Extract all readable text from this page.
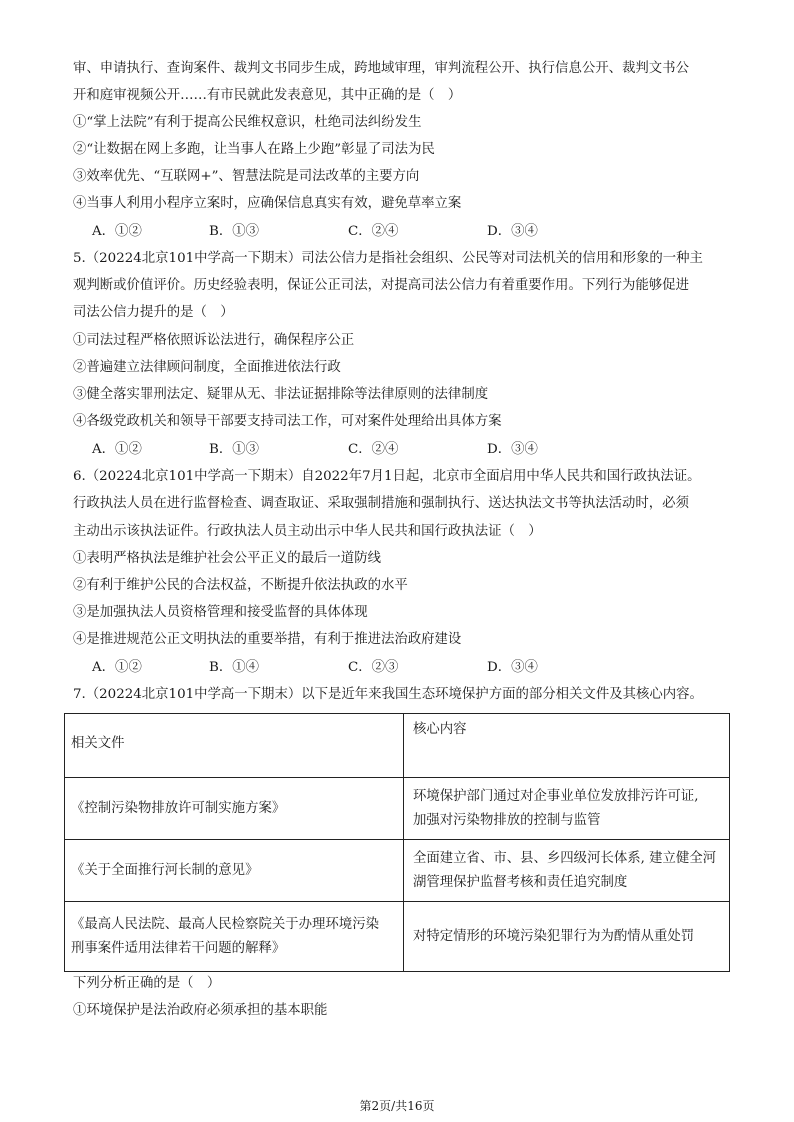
审、申请执行、查询案件、裁判文书同步生成，跨地域审理，审判流程公开、执行信息公开、裁判文书公
开和庭审视频公开……有市民就此发表意见，其中正确的是（　）
①“掌上法院”有利于提高公民维权意识，杜绝司法纠纷发生
②“让数据在网上多跑，让当事人在路上少跑”彰显了司法为民
③效率优先、“互联网+”、智慧法院是司法改革的主要方向
④当事人利用小程序立案时，应确保信息真实有效，避免草率立案
A．①②	B．①③	C．②④	D．③④
5.（20224北京101中学高一下期末）司法公信力是指社会组织、公民等对司法机关的信用和形象的一种主
观判断或价值评价。历史经验表明，保证公正司法，对提高司法公信力有着重要作用。下列行为能够促进
司法公信力提升的是（　）
①司法过程严格依照诉讼法进行，确保程序公正
②普遍建立法律顾问制度，全面推进依法行政
③健全落实罪刑法定、疑罪从无、非法证据排除等法律原则的法律制度
④各级党政机关和领导干部要支持司法工作，可对案件处理给出具体方案
A．①②	B．①③	C．②④	D．③④
6.（20224北京101中学高一下期末）自2022年7月1日起，北京市全面启用中华人民共和国行政执法证。
行政执法人员在进行监督检查、调查取证、采取强制措施和强制执行、送达执法文书等执法活动时，必须
主动出示该执法证件。行政执法人员主动出示中华人民共和国行政执法证（　）
①表明严格执法是维护社会公平正义的最后一道防线
②有利于维护公民的合法权益，不断提升依法执政的水平
③是加强执法人员资格管理和接受监督的具体体现
④是推进规范公正文明执法的重要举措，有利于推进法治政府建设
A．①②	B．①④	C．②③	D．③④
7.（20224北京101中学高一下期末）以下是近年来我国生态环境保护方面的部分相关文件及其核心内容。
相关文件	核心内容

《控制污染物排放许可制实施方案》	环境保护部门通过对企事业单位发放排污许可证,
加强对污染物排放的控制与监管

《关于全面推行河长制的意见》	全面建立省、市、县、乡四级河长体系, 建立健全河
湖管理保护监督考核和责任追究制度

《最高人民法院、最高人民检察院关于办理环境污染
刑事案件适用法律若干问题的解释》	对特定情形的环境污染犯罪行为为酌情从重处罚
下列分析正确的是（　）
①环境保护是法治政府必须承担的基本职能
第2页/共16页
